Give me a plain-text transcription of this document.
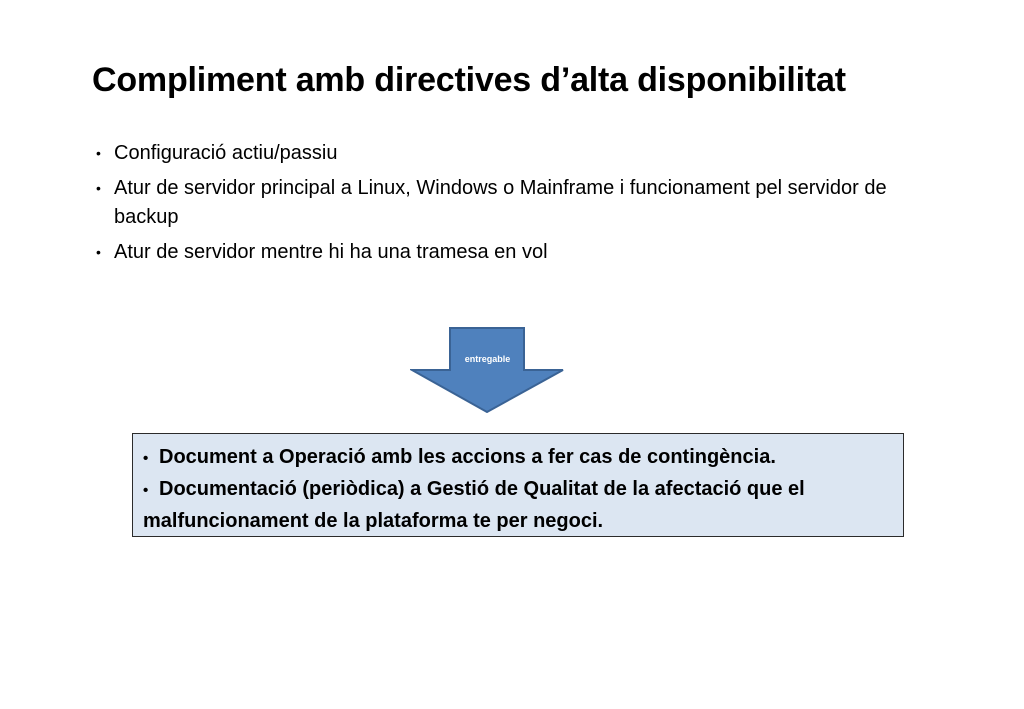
Compliment amb directives d’alta disponibilitat
• Configuració actiu/passiu
• Atur de servidor principal a Linux, Windows o Mainframe i funcionament pel servidor de backup
• Atur de servidor mentre hi ha una tramesa en vol
entregable
• Document a Operació amb les accions a fer cas de contingència.
• Documentació (periòdica) a Gestió de Qualitat de la afectació que el malfuncionament de la plataforma te per negoci.
